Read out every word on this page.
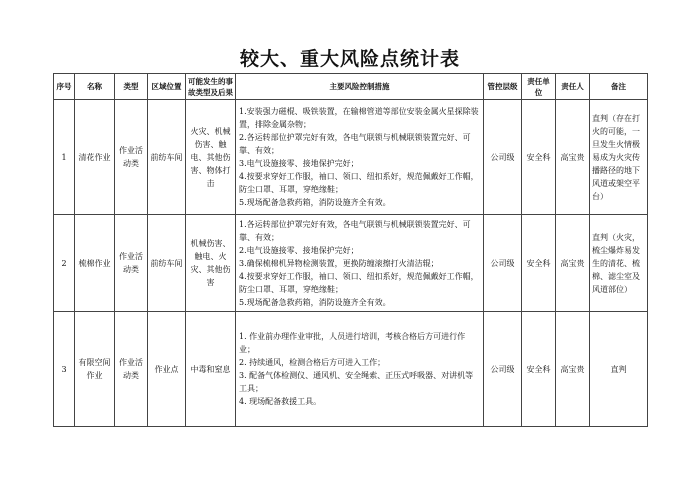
较大、重大风险点统计表
序号	名称	类型	区域位置	可能发生的事故类型及后果	主要风险控制措施	管控层级	责任单位	责任人	备注
1	清花作业	作业活动类	前纺车间	火灾、机械伤害、触电、其他伤害、物体打击	1.安装强力磁棍、吸铁装置，在输棉管道等部位安装金属火星探除装置，排除金属杂物；
2.各运转部位护罩完好有效，各电气联锁与机械联锁装置完好、可靠、有效；
3.电气设施接零、接地保护完好；
4.按要求穿好工作服，袖口、领口、纽扣系好，规范佩戴好工作帽，防尘口罩、耳罩，穿绝缘鞋；
5.现场配备急救药箱，消防设施齐全有效。	公司级	安全科	高宝贵	直判（存在打火的可能，一旦发生火情极易成为火灾传播路径的地下风道或架空平台）
2	梳棉作业	作业活动类	前纺车间	机械伤害、触电、火灾、其他伤害	1.各运转部位护罩完好有效，各电气联锁与机械联锁装置完好、可靠、有效；
2.电气设施接零、接地保护完好；
3.确保梳棉机异物检测装置，更换防缠滚擦打火清洁辊；
4.按要求穿好工作服，袖口、领口、纽扣系好，规范佩戴好工作帽，防尘口罩、耳罩，穿绝缘鞋；
5.现场配备急救药箱，消防设施齐全有效。	公司级	安全科	高宝贵	直判（火灾，梳尘爆炸易发生的清花、梳棉、滤尘室及风道部位）
3	有限空间作业	作业活动类	作业点	中毒和窒息	1. 作业前办理作业审批，人员进行培训，考核合格后方可进行作业；
2. 持续通风，检测合格后方可进入工作；
3. 配备气体检测仪、通风机、安全绳索、正压式呼吸器、对讲机等工具；
4. 现场配备救援工具。	公司级	安全科	高宝贵	直判
